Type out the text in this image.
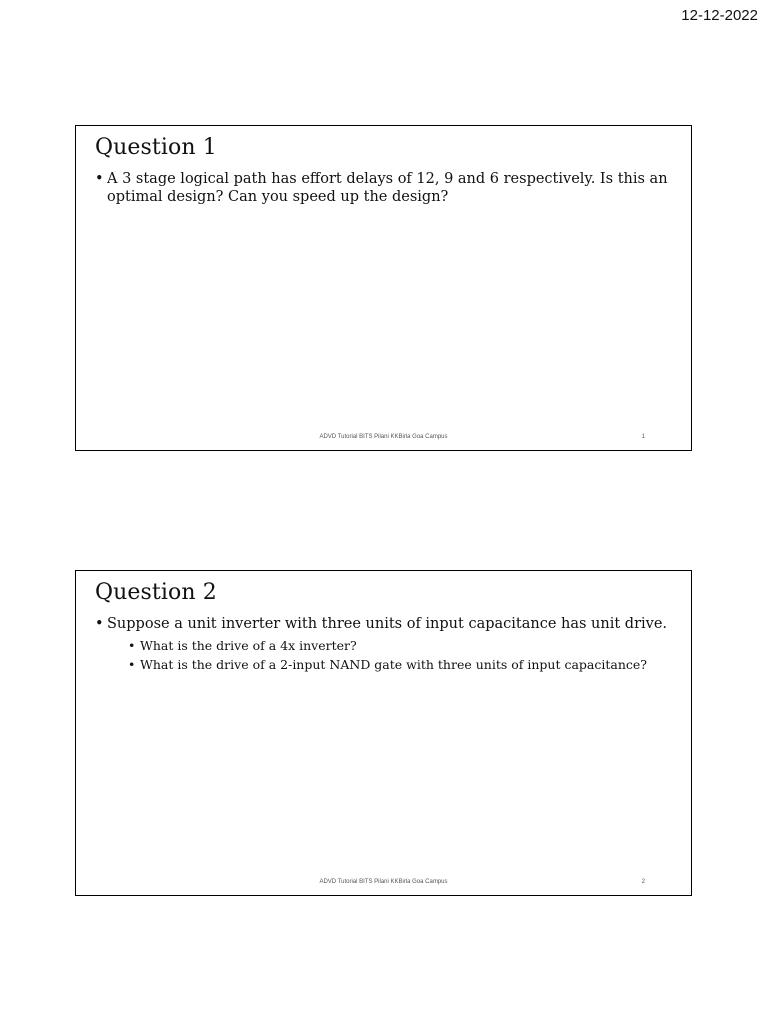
12-12-2022
Question 1
• A 3 stage logical path has effort delays of 12, 9 and 6 respectively. Is this an optimal design? Can you speed up the design?
ADVD Tutorial BITS Pilani KKBirla Goa Campus	1
Question 2
• Suppose a unit inverter with three units of input capacitance has unit drive.
• What is the drive of a 4x inverter?
• What is the drive of a 2-input NAND gate with three units of input capacitance?
ADVD Tutorial BITS Pilani KKBirla Goa Campus	2
